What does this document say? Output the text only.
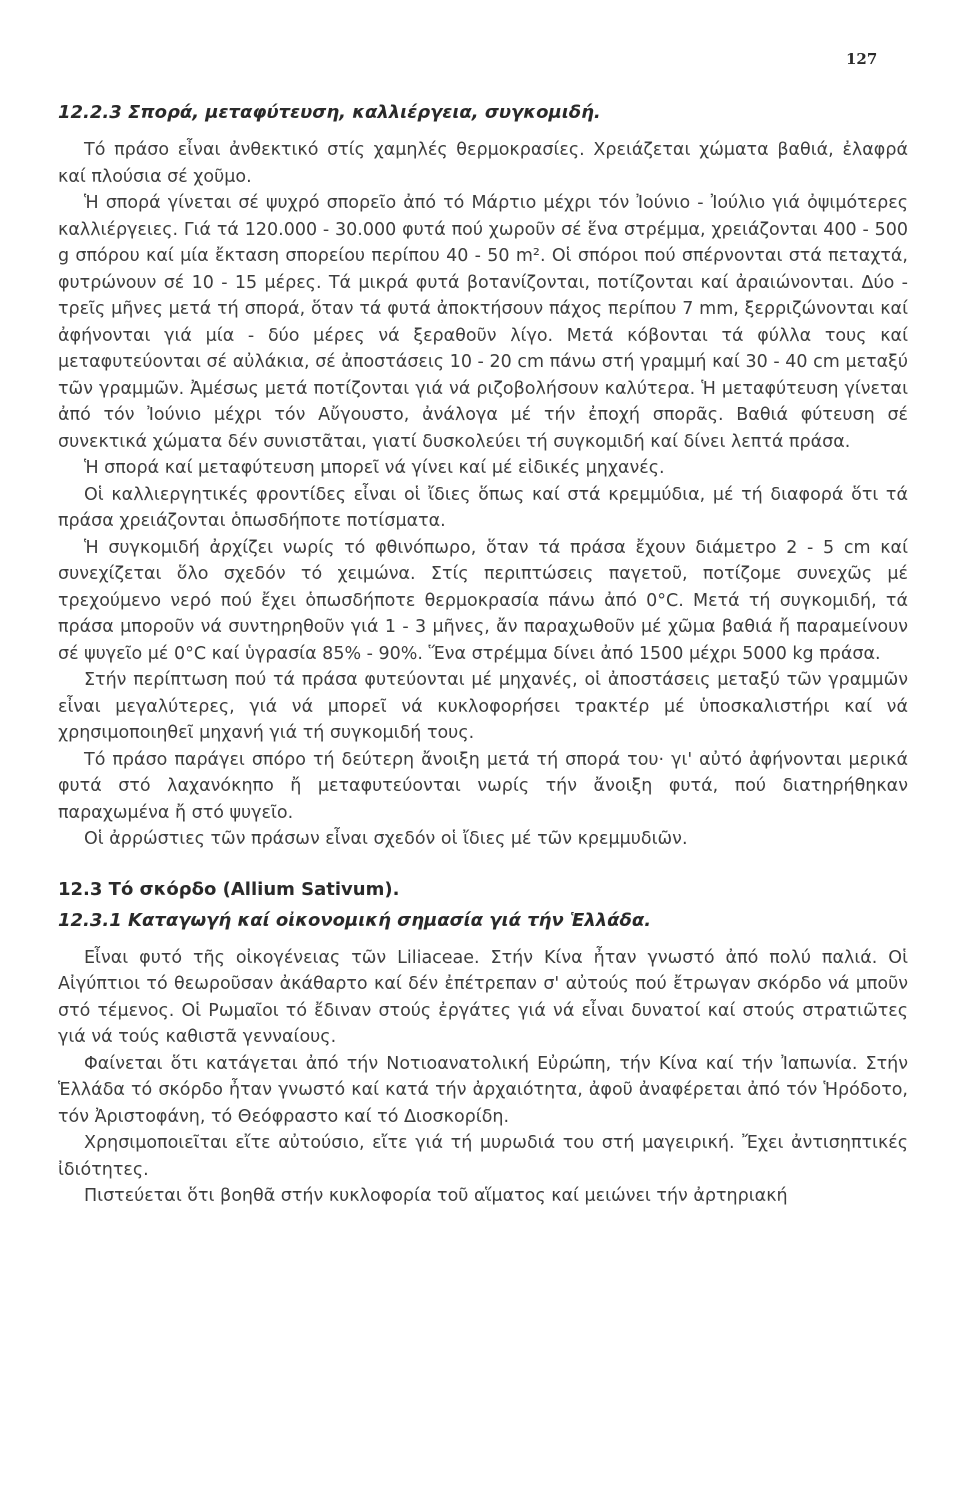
127
12.2.3 Σπορά, μεταφύτευση, καλλιέργεια, συγκομιδή.

Τό πράσο εἶναι ἀνθεκτικό στίς χαμηλές θερμοκρασίες. Χρειάζεται χώματα βαθιά, ἐλαφρά καί πλούσια σέ χοῦμο.

Ἡ σπορά γίνεται σέ ψυχρό σπορεῖο ἀπό τό Μάρτιο μέχρι τόν Ἰούνιο - Ἰούλιο γιά ὀψιμότερες καλλιέργειες. Γιά τά 120.000 - 30.000 φυτά πού χωροῦν σέ ἕνα στρέμμα, χρειάζονται 400 - 500 g σπόρου καί μία ἔκταση σπορείου περίπου 40 - 50 m². Οἱ σπόροι πού σπέρνονται στά πεταχτά, φυτρώνουν σέ 10 - 15 μέρες. Τά μικρά φυτά βοτανίζονται, ποτίζονται καί ἀραιώνονται. Δύο - τρεῖς μῆνες μετά τή σπορά, ὅταν τά φυτά ἀποκτήσουν πάχος περίπου 7 mm, ξερριζώνονται καί ἀφήνονται γιά μία - δύο μέρες νά ξεραθοῦν λίγο. Μετά κόβονται τά φύλλα τους καί μεταφυτεύονται σέ αὐλάκια, σέ ἀποστάσεις 10 - 20 cm πάνω στή γραμμή καί 30 - 40 cm μεταξύ τῶν γραμμῶν. Ἀμέσως μετά ποτίζονται γιά νά ριζοβολήσουν καλύτερα. Ἡ μεταφύτευση γίνεται ἀπό τόν Ἰούνιο μέχρι τόν Αὔγουστο, ἀνάλογα μέ τήν ἐποχή σπορᾶς. Βαθιά φύτευση σέ συνεκτικά χώματα δέν συνιστᾶται, γιατί δυσκολεύει τή συγκομιδή καί δίνει λεπτά πράσα.

Ἡ σπορά καί μεταφύτευση μπορεῖ νά γίνει καί μέ εἰδικές μηχανές.

Οἱ καλλιεργητικές φροντίδες εἶναι οἱ ἴδιες ὅπως καί στά κρεμμύδια, μέ τή διαφορά ὅτι τά πράσα χρειάζονται ὁπωσδήποτε ποτίσματα.

Ἡ συγκομιδή ἀρχίζει νωρίς τό φθινόπωρο, ὅταν τά πράσα ἔχουν διάμετρο 2 - 5 cm καί συνεχίζεται ὅλο σχεδόν τό χειμώνα. Στίς περιπτώσεις παγετοῦ, ποτίζομε συνεχῶς μέ τρεχούμενο νερό πού ἔχει ὁπωσδήποτε θερμοκρασία πάνω ἀπό 0°C. Μετά τή συγκομιδή, τά πράσα μποροῦν νά συντηρηθοῦν γιά 1 - 3 μῆνες, ἄν παραχωθοῦν μέ χῶμα βαθιά ἤ παραμείνουν σέ ψυγεῖο μέ 0°C καί ὑγρασία 85% - 90%. Ἕνα στρέμμα δίνει ἀπό 1500 μέχρι 5000 kg πράσα.

Στήν περίπτωση πού τά πράσα φυτεύονται μέ μηχανές, οἱ ἀποστάσεις μεταξύ τῶν γραμμῶν εἶναι μεγαλύτερες, γιά νά μπορεῖ νά κυκλοφορήσει τρακτέρ μέ ὑποσκαλιστήρι καί νά χρησιμοποιηθεῖ μηχανή γιά τή συγκομιδή τους.

Τό πράσο παράγει σπόρο τή δεύτερη ἄνοιξη μετά τή σπορά του· γι' αὐτό ἀφήνονται μερικά φυτά στό λαχανόκηπο ἤ μεταφυτεύονται νωρίς τήν ἄνοιξη φυτά, πού διατηρήθηκαν παραχωμένα ἤ στό ψυγεῖο.

Οἱ ἀρρώστιες τῶν πράσων εἶναι σχεδόν οἱ ἴδιες μέ τῶν κρεμμυδιῶν.

12.3 Τό σκόρδο (Allium Sativum).
12.3.1 Καταγωγή καί οἰκονομική σημασία γιά τήν Ἑλλάδα.

Εἶναι φυτό τῆς οἰκογένειας τῶν Liliaceae. Στήν Κίνα ἦταν γνωστό ἀπό πολύ παλιά. Οἱ Αἰγύπτιοι τό θεωροῦσαν ἀκάθαρτο καί δέν ἐπέτρεπαν σ' αὐτούς πού ἔτρωγαν σκόρδο νά μποῦν στό τέμενος. Οἱ Ρωμαῖοι τό ἔδιναν στούς ἐργάτες γιά νά εἶναι δυνατοί καί στούς στρατιῶτες γιά νά τούς καθιστᾶ γενναίους.

Φαίνεται ὅτι κατάγεται ἀπό τήν Νοτιοανατολική Εὐρώπη, τήν Κίνα καί τήν Ἰαπωνία. Στήν Ἑλλάδα τό σκόρδο ἦταν γνωστό καί κατά τήν ἀρχαιότητα, ἀφοῦ ἀναφέρεται ἀπό τόν Ἡρόδοτο, τόν Ἀριστοφάνη, τό Θεόφραστο καί τό Διοσκορίδη.

Χρησιμοποιεῖται εἴτε αὐτούσιο, εἴτε γιά τή μυρωδιά του στή μαγειρική. Ἔχει ἀντισηπτικές ἰδιότητες.

Πιστεύεται ὅτι βοηθᾶ στήν κυκλοφορία τοῦ αἵματος καί μειώνει τήν ἀρτηριακή
